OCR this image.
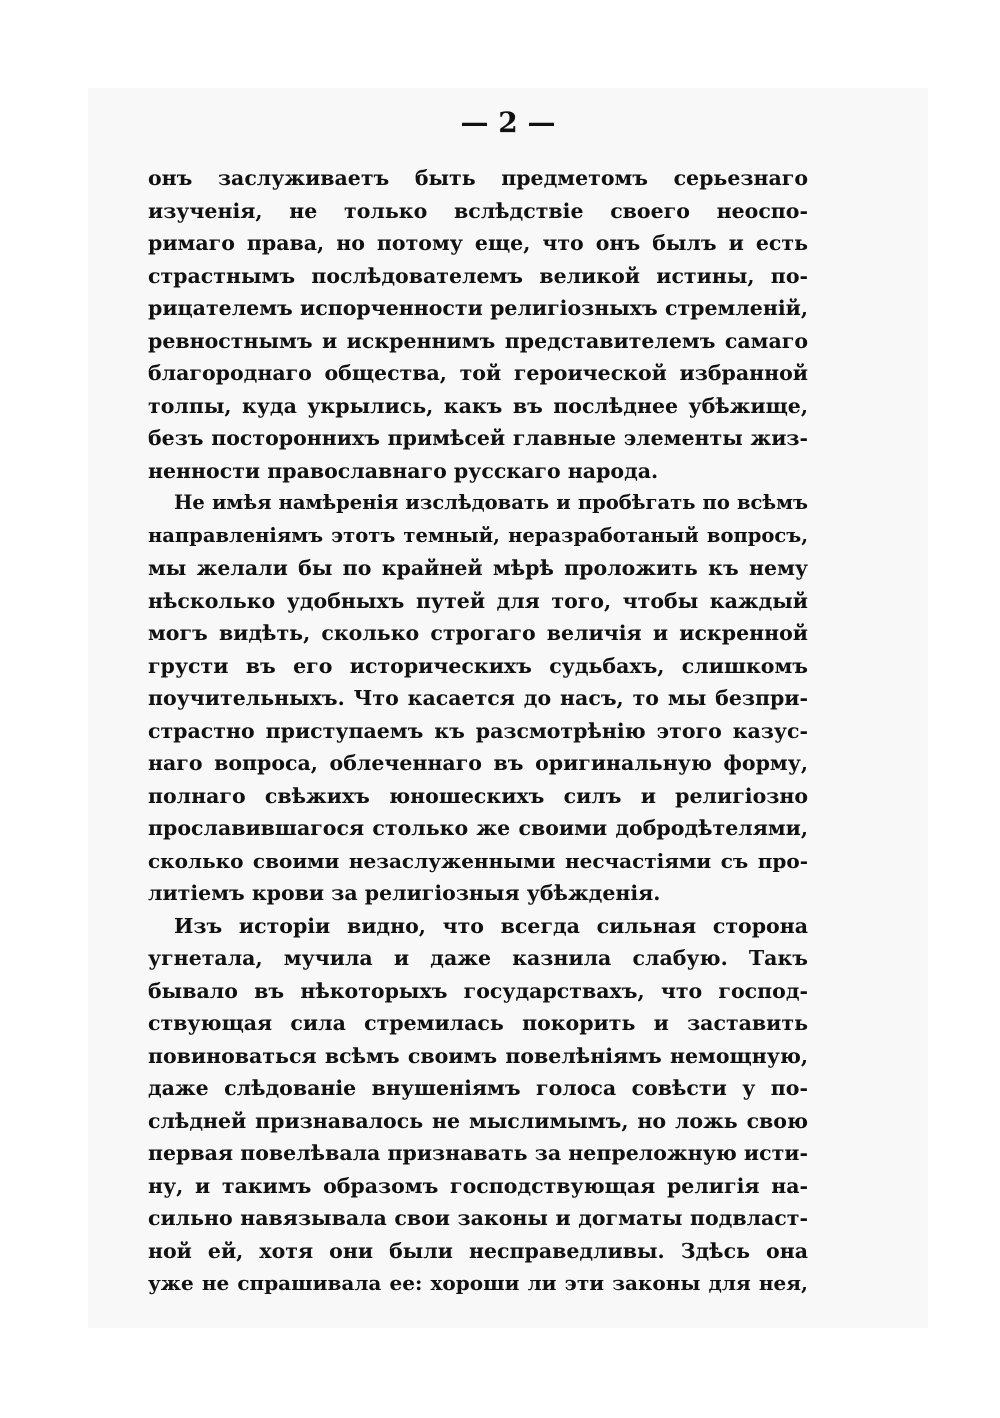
— 2 —
онъ заслуживаетъ быть предметомъ серьезнаго
изученія, не только вслѣдствіе своего неоспо-
римаго права, но потому еще, что онъ былъ и есть
страстнымъ послѣдователемъ великой истины, по-
рицателемъ испорченности религіозныхъ стремленій,
ревностнымъ и искреннимъ представителемъ самаго
благороднаго общества, той героической избранной
толпы, куда укрылись, какъ въ послѣднее убѣжище,
безъ постороннихъ примѣсей главные элементы жиз-
ненности православнаго русскаго народа.
Не имѣя намѣренія изслѣдовать и пробѣгать по всѣмъ
направленіямъ этотъ темный, неразработаный вопросъ,
мы желали бы по крайней мѣрѣ проложить къ нему
нѣсколько удобныхъ путей для того, чтобы каждый
могъ видѣть, сколько строгаго величія и искренной
грусти въ его историческихъ судьбахъ, слишкомъ
поучительныхъ. Что касается до насъ, то мы безпри-
страстно приступаемъ къ разсмотрѣнію этого казус-
наго вопроса, облеченнаго въ оригинальную форму,
полнаго свѣжихъ юношескихъ силъ и религіозно
прославившагося столько же своими добродѣтелями,
сколько своими незаслуженными несчастіями съ про-
литіемъ крови за религіозныя убѣжденія.
Изъ исторіи видно, что всегда сильная сторона
угнетала, мучила и даже казнила слабую. Такъ
бывало въ нѣкоторыхъ государствахъ, что господ-
ствующая сила стремилась покорить и заставить
повиноваться всѣмъ своимъ повелѣніямъ немощную,
даже слѣдованіе внушеніямъ голоса совѣсти у по-
слѣдней признавалось не мыслимымъ, но ложь свою
первая повелѣвала признавать за непреложную исти-
ну, и такимъ образомъ господствующая религія на-
сильно навязывала свои законы и догматы подвласт-
ной ей, хотя они были несправедливы. Здѣсь она
уже не спрашивала ее: хороши ли эти законы для нея,
